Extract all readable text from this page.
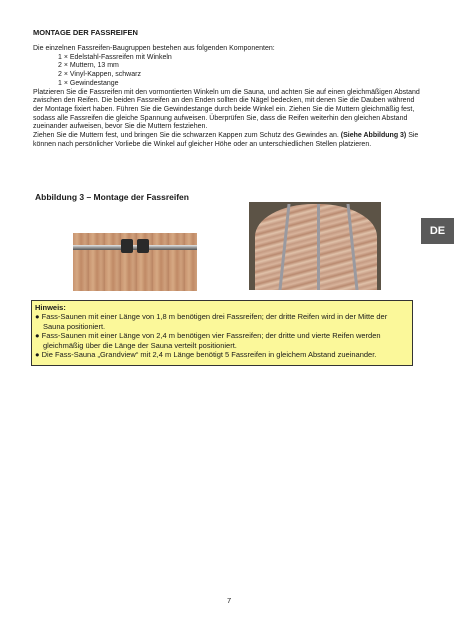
MONTAGE DER FASSREIFEN

Die einzelnen Fassreifen-Baugruppen bestehen aus folgenden Komponenten:

1 × Edelstahl-Fassreifen mit Winkeln
2 × Muttern, 13 mm
2 × Vinyl-Kappen, schwarz
1 × Gewindestange

Platzieren Sie die Fassreifen mit den vormontierten Winkeln um die Sauna, und achten Sie auf einen gleichmäßigen Abstand zwischen den Reifen. Die beiden Fassreifen an den Enden sollten die Nägel bedecken, mit denen Sie die Dauben während der Montage fixiert haben. Führen Sie die Gewindestange durch beide Winkel ein. Ziehen Sie die Muttern gleichmäßig fest, sodass alle Fassreifen die gleiche Spannung aufweisen. Überprüfen Sie, dass die Reifen weiterhin den gleichen Abstand zueinander aufweisen, bevor Sie die Muttern festziehen.

Ziehen Sie die Muttern fest, und bringen Sie die schwarzen Kappen zum Schutz des Gewindes an. (Siehe Abbildung 3) Sie können nach persönlicher Vorliebe die Winkel auf gleicher Höhe oder an unterschiedlichen Stellen platzieren.

Abbildung 3 – Montage der Fassreifen
DE
Hinweis:

● Fass-Saunen mit einer Länge von 1,8 m benötigen drei Fassreifen; der dritte Reifen wird in der Mitte der Sauna positioniert.

● Fass-Saunen mit einer Länge von 2,4 m benötigen vier Fassreifen; der dritte und vierte Reifen werden gleichmäßig über die Länge der Sauna verteilt positioniert.

● Die Fass-Sauna „Grandview“ mit 2,4 m Länge benötigt 5 Fassreifen in gleichem Abstand zueinander.

7
